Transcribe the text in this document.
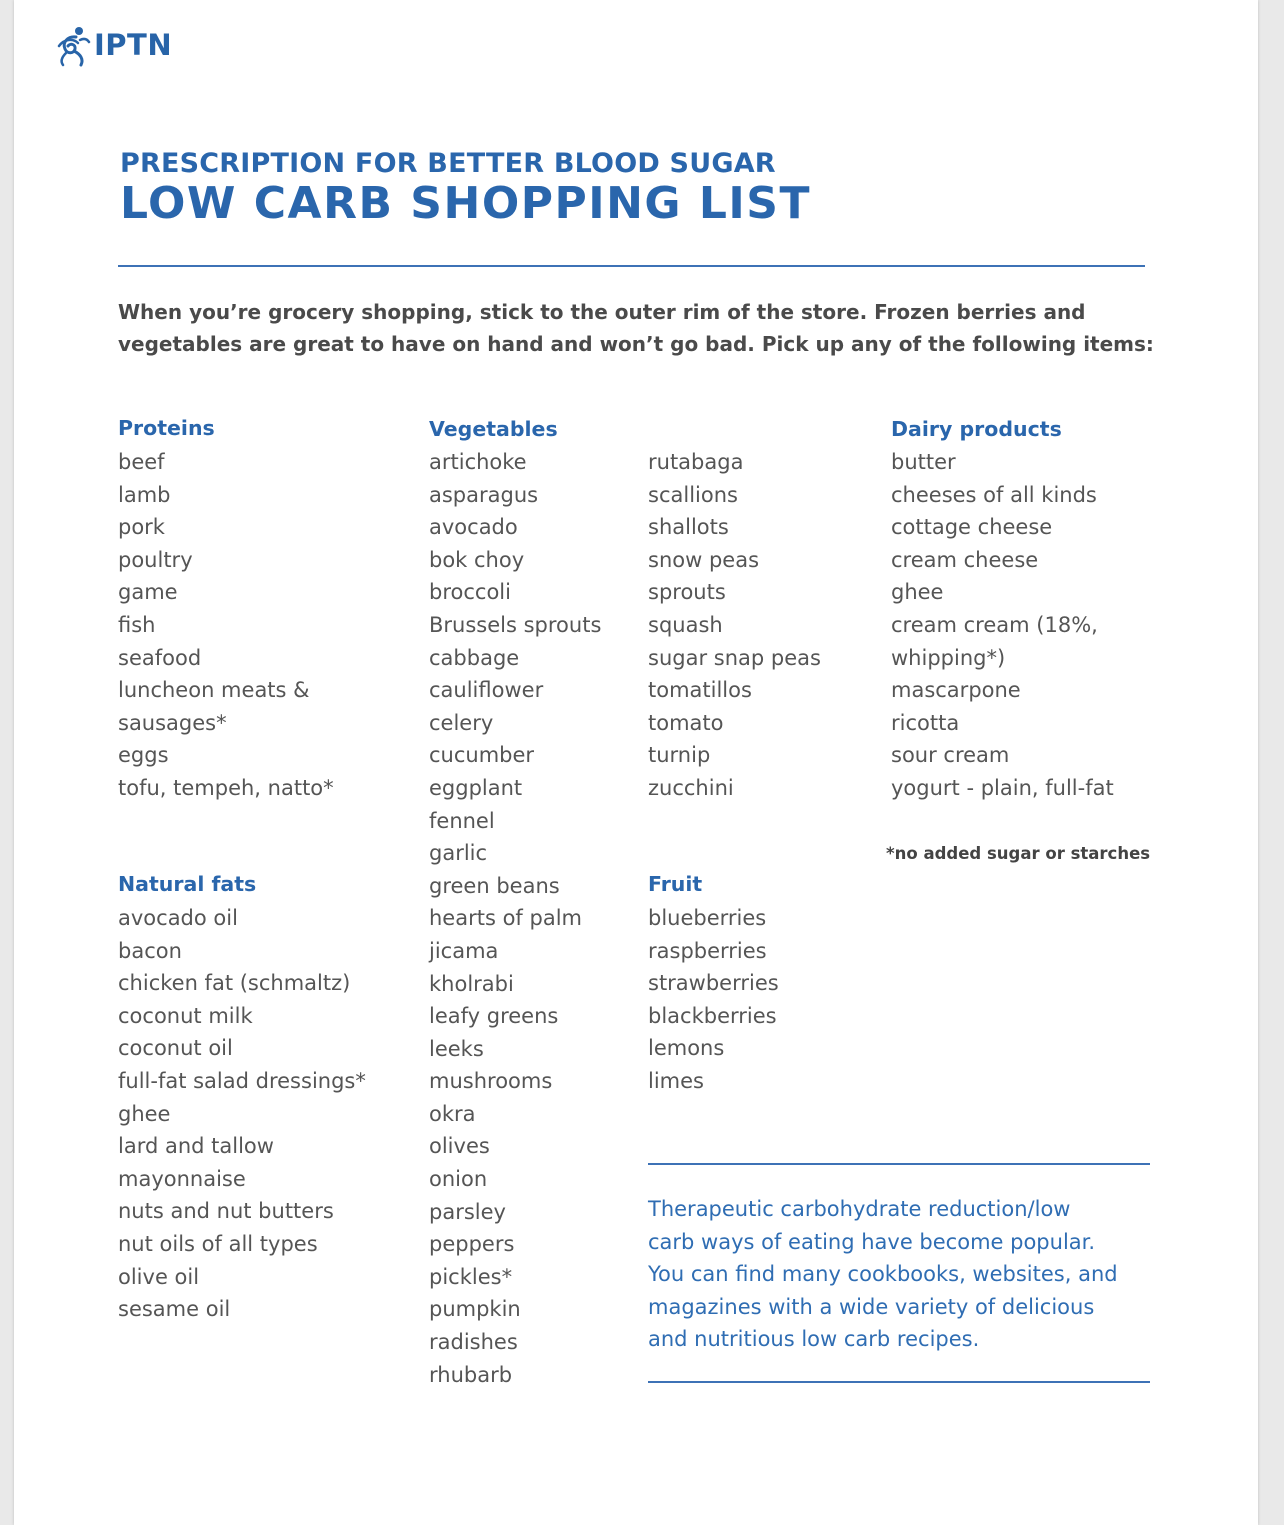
IPTN
PRESCRIPTION FOR BETTER BLOOD SUGAR
LOW CARB SHOPPING LIST

When you’re grocery shopping, stick to the outer rim of the store. Frozen berries and

vegetables are great to have on hand and won’t go bad. Pick up any of the following items:

Proteins
beef
lamb
pork
poultry
game
fish
seafood
luncheon meats &
sausages*
eggs
tofu, tempeh, natto*
Natural fats
avocado oil
bacon
chicken fat (schmaltz)
coconut milk
coconut oil
full-fat salad dressings*
ghee
lard and tallow
mayonnaise
nuts and nut butters
nut oils of all types
olive oil
sesame oil
Vegetables
artichoke
asparagus
avocado
bok choy
broccoli
Brussels sprouts
cabbage
cauliflower
celery
cucumber
eggplant
fennel
garlic
green beans
hearts of palm
jicama
kholrabi
leafy greens
leeks
mushrooms
okra
olives
onion
parsley
peppers
pickles*
pumpkin
radishes
rhubarb
rutabaga
scallions
shallots
snow peas
sprouts
squash
sugar snap peas
tomatillos
tomato
turnip
zucchini
Fruit
blueberries
raspberries
strawberries
blackberries
lemons
limes
Dairy products
butter
cheeses of all kinds
cottage cheese
cream cheese
ghee
cream cream (18%,
whipping*)
mascarpone
ricotta
sour cream
yogurt - plain, full-fat
*no added sugar or starches

Therapeutic carbohydrate reduction/low

carb ways of eating have become popular.

You can find many cookbooks, websites, and

magazines with a wide variety of delicious

and nutritious low carb recipes.
